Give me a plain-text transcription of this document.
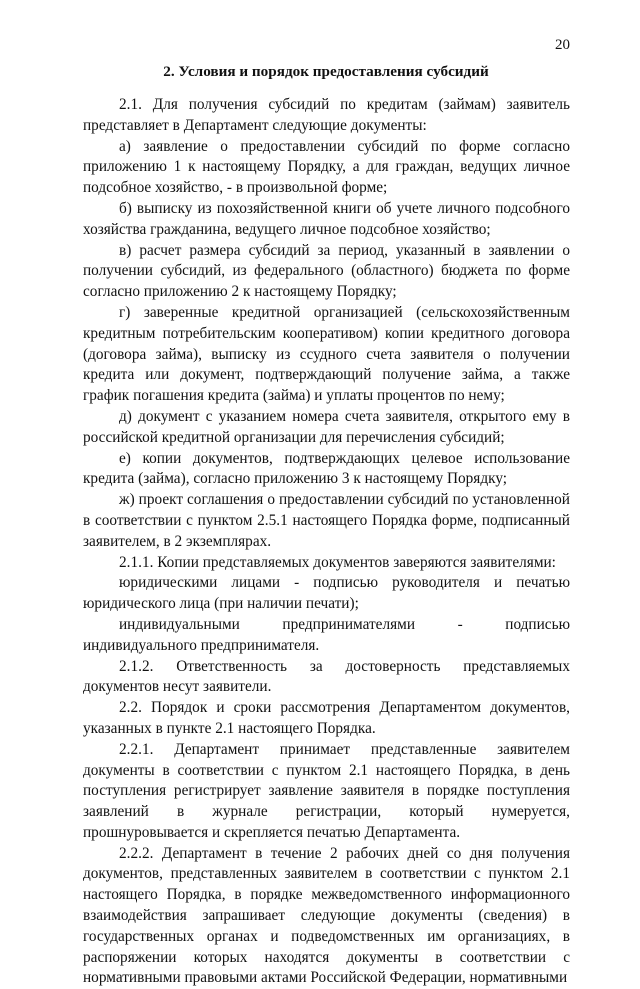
20
2. Условия и порядок предоставления субсидий

2.1. Для получения субсидий по кредитам (займам) заявитель представляет в Департамент следующие документы:

а) заявление о предоставлении субсидий по форме согласно приложению 1 к настоящему Порядку, а для граждан, ведущих личное подсобное хозяйство, - в произвольной форме;

б) выписку из похозяйственной книги об учете личного подсобного хозяйства гражданина, ведущего личное подсобное хозяйство;

в) расчет размера субсидий за период, указанный в заявлении о получении субсидий, из федерального (областного) бюджета по форме согласно приложению 2 к настоящему Порядку;

г) заверенные кредитной организацией (сельскохозяйственным кредитным потребительским кооперативом) копии кредитного договора (договора займа), выписку из ссудного счета заявителя о получении кредита или документ, подтверждающий получение займа, а также график погашения кредита (займа) и уплаты процентов по нему;

д) документ с указанием номера счета заявителя, открытого ему в российской кредитной организации для перечисления субсидий;

е) копии документов, подтверждающих целевое использование кредита (займа), согласно приложению 3 к настоящему Порядку;

ж) проект соглашения о предоставлении субсидий по установленной в соответствии с пунктом 2.5.1 настоящего Порядка форме, подписанный заявителем, в 2 экземплярах.

2.1.1. Копии представляемых документов заверяются заявителями:

юридическими лицами - подписью руководителя и печатью юридического лица (при наличии печати);

индивидуальными предпринимателями - подписью индивидуального предпринимателя.

2.1.2. Ответственность за достоверность представляемых документов несут заявители.

2.2. Порядок и сроки рассмотрения Департаментом документов, указанных в пункте 2.1 настоящего Порядка.

2.2.1. Департамент принимает представленные заявителем документы в соответствии с пунктом 2.1 настоящего Порядка, в день поступления регистрирует заявление заявителя в порядке поступления заявлений в журнале регистрации, который нумеруется, прошнуровывается и скрепляется печатью Департамента.

2.2.2. Департамент в течение 2 рабочих дней со дня получения документов, представленных заявителем в соответствии с пунктом 2.1 настоящего Порядка, в порядке межведомственного информационного взаимодействия запрашивает следующие документы (сведения) в государственных органах и подведомственных им организациях, в распоряжении которых находятся документы в соответствии с нормативными правовыми актами Российской Федерации, нормативными
